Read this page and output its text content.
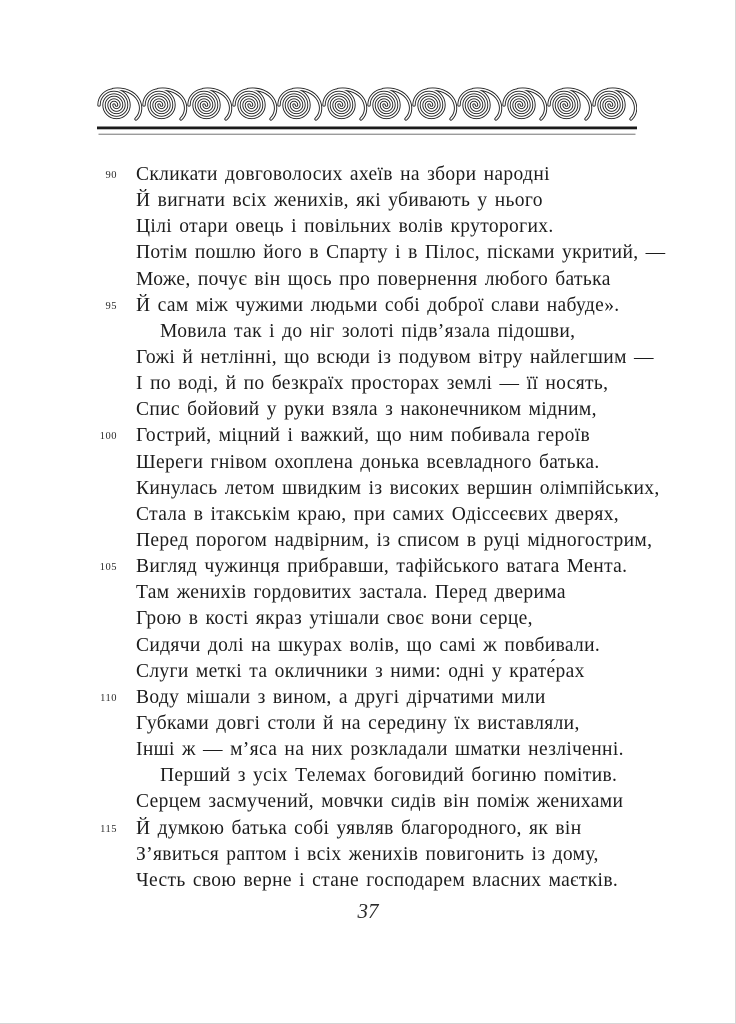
90 Скликати довговолосих ахеїв на збори народні
Й вигнати всіх женихів, які убивають у нього
Цілі отари овець і повільних волів круторогих.
Потім пошлю його в Спарту і в Пілос, пісками укритий, —
Може, почує він щось про повернення любого батька
95 Й сам між чужими людьми собі доброї слави набуде».
Мовила так і до ніг золоті підв’язала підошви,
Гожі й нетлінні, що всюди із подувом вітру найлегшим —
І по воді, й по безкраїх просторах землі — її носять,
Спис бойовий у руки взяла з наконечником мідним,
100 Гострий, міцний і важкий, що ним побивала героїв
Шереги гнівом охоплена донька всевладного батька.
Кинулась летом швидким із високих вершин олімпійських,
Стала в ітакськім краю, при самих Одіссеєвих дверях,
Перед порогом надвірним, із списом в руці мідногострим,
105 Вигляд чужинця прибравши, тафійського ватага Мента.
Там женихів гордовитих застала. Перед дверима
Грою в кості якраз утішали своє вони серце,
Сидячи долі на шкурах волів, що самі ж повбивали.
Слуги меткі та окличники з ними: одні у крате́рах
110 Воду мішали з вином, а другі дірчатими мили
Губками довгі столи й на середину їх виставляли,
Інші ж — м’яса на них розкладали шматки незліченні.
Перший з усіх Телемах боговидий богиню помітив.
Серцем засмучений, мовчки сидів він поміж женихами
115 Й думкою батька собі уявляв благородного, як він
З’явиться раптом і всіх женихів повигонить із дому,
Честь свою верне і стане господарем власних маєтків.
37
